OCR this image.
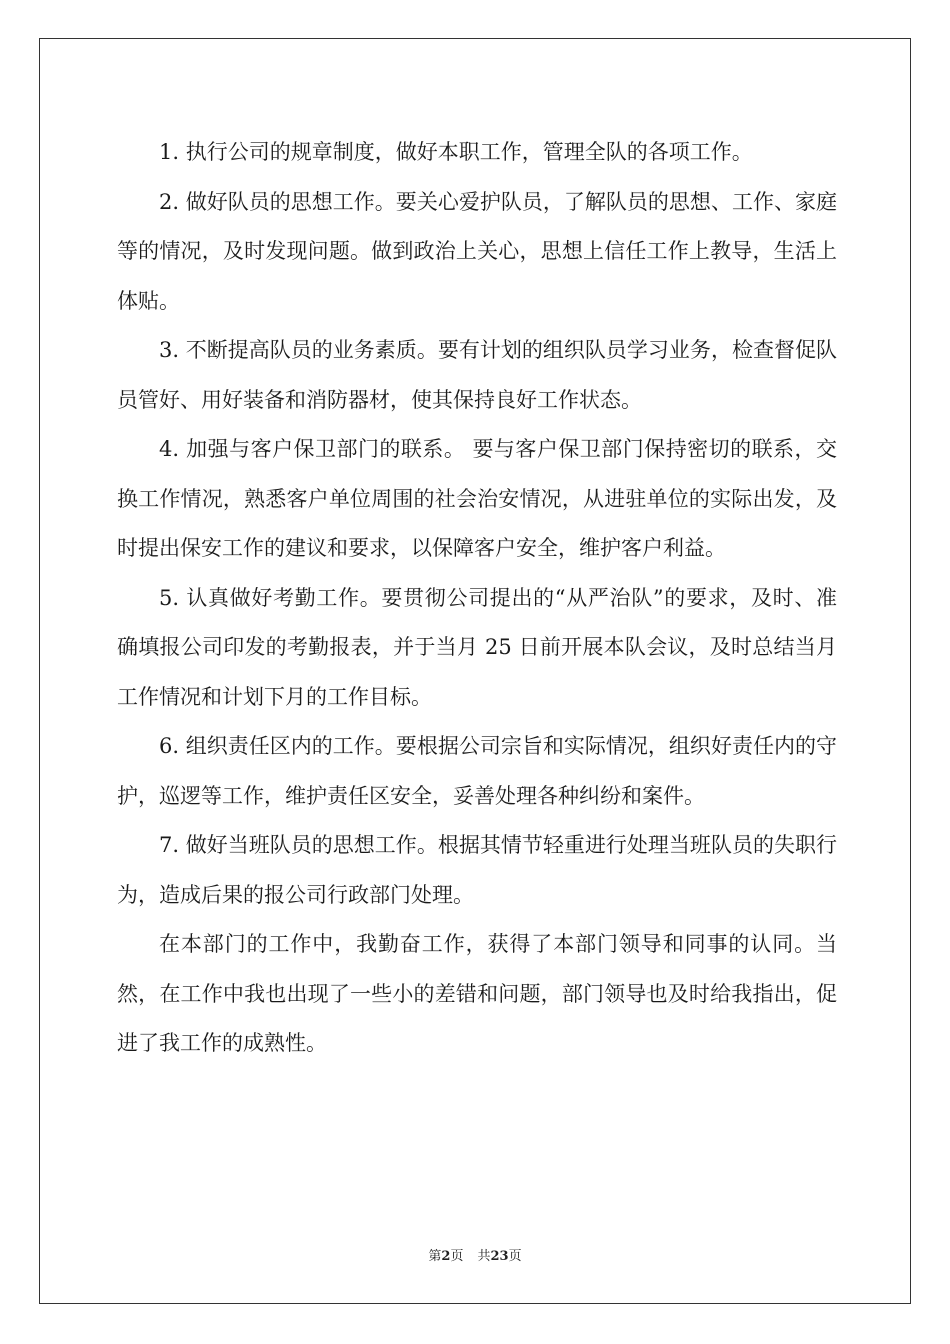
1. 执行公司的规章制度，做好本职工作，管理全队的各项工作。

2. 做好队员的思想工作。要关心爱护队员，了解队员的思想、工作、家庭等的情况，及时发现问题。做到政治上关心，思想上信任工作上教导，生活上体贴。

3. 不断提高队员的业务素质。要有计划的组织队员学习业务，检查督促队员管好、用好装备和消防器材，使其保持良好工作状态。

4. 加强与客户保卫部门的联系。 要与客户保卫部门保持密切的联系，交换工作情况，熟悉客户单位周围的社会治安情况，从进驻单位的实际出发，及时提出保安工作的建议和要求，以保障客户安全，维护客户利益。

5. 认真做好考勤工作。要贯彻公司提出的“从严治队”的要求，及时、准确填报公司印发的考勤报表，并于当月 25 日前开展本队会议，及时总结当月工作情况和计划下月的工作目标。

6. 组织责任区内的工作。要根据公司宗旨和实际情况，组织好责任内的守护，巡逻等工作，维护责任区安全，妥善处理各种纠纷和案件。

7. 做好当班队员的思想工作。根据其情节轻重进行处理当班队员的失职行为，造成后果的报公司行政部门处理。

在本部门的工作中，我勤奋工作，获得了本部门领导和同事的认同。当然，在工作中我也出现了一些小的差错和问题，部门领导也及时给我指出，促进了我工作的成熟性。

第2页 共23页
